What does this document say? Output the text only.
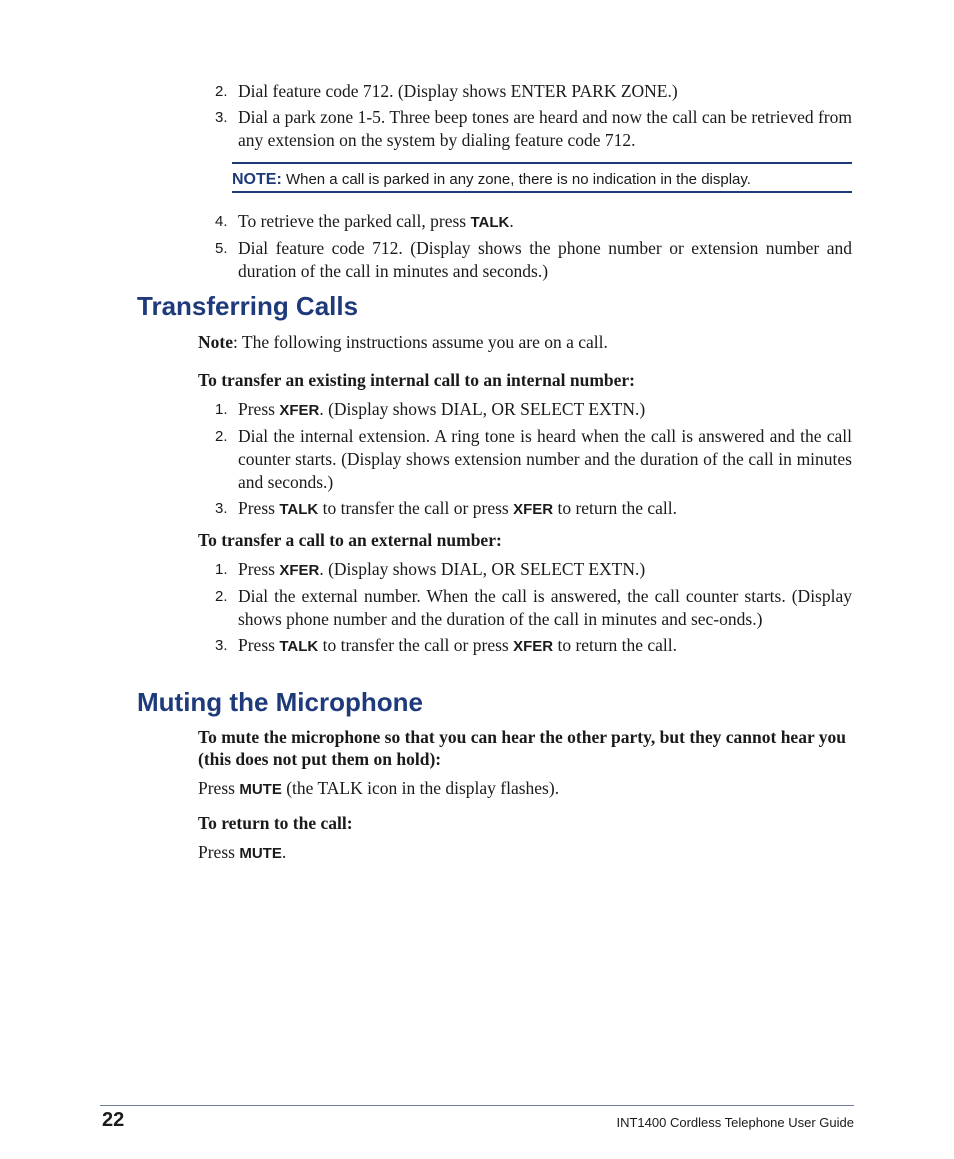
2. Dial feature code 712. (Display shows ENTER PARK ZONE.)
3. Dial a park zone 1-5. Three beep tones are heard and now the call can be retrieved from any extension on the system by dialing feature code 712.
NOTE: When a call is parked in any zone, there is no indication in the display.
4. To retrieve the parked call, press TALK.
5. Dial feature code 712. (Display shows the phone number or extension number and duration of the call in minutes and seconds.)
Transferring Calls

Note: The following instructions assume you are on a call.

To transfer an existing internal call to an internal number:

1. Press XFER. (Display shows DIAL, OR SELECT EXTN.)
2. Dial the internal extension. A ring tone is heard when the call is answered and the call counter starts. (Display shows extension number and the duration of the call in minutes and seconds.)
3. Press TALK to transfer the call or press XFER to return the call.

To transfer a call to an external number:

1. Press XFER. (Display shows DIAL, OR SELECT EXTN.)
2. Dial the external number. When the call is answered, the call counter starts. (Display shows phone number and the duration of the call in minutes and sec-onds.)
3. Press TALK to transfer the call or press XFER to return the call.
Muting the Microphone

To mute the microphone so that you can hear the other party, but they cannot hear you (this does not put them on hold):

Press MUTE (the TALK icon in the display flashes).

To return to the call:

Press MUTE.

22	INT1400 Cordless Telephone User Guide
